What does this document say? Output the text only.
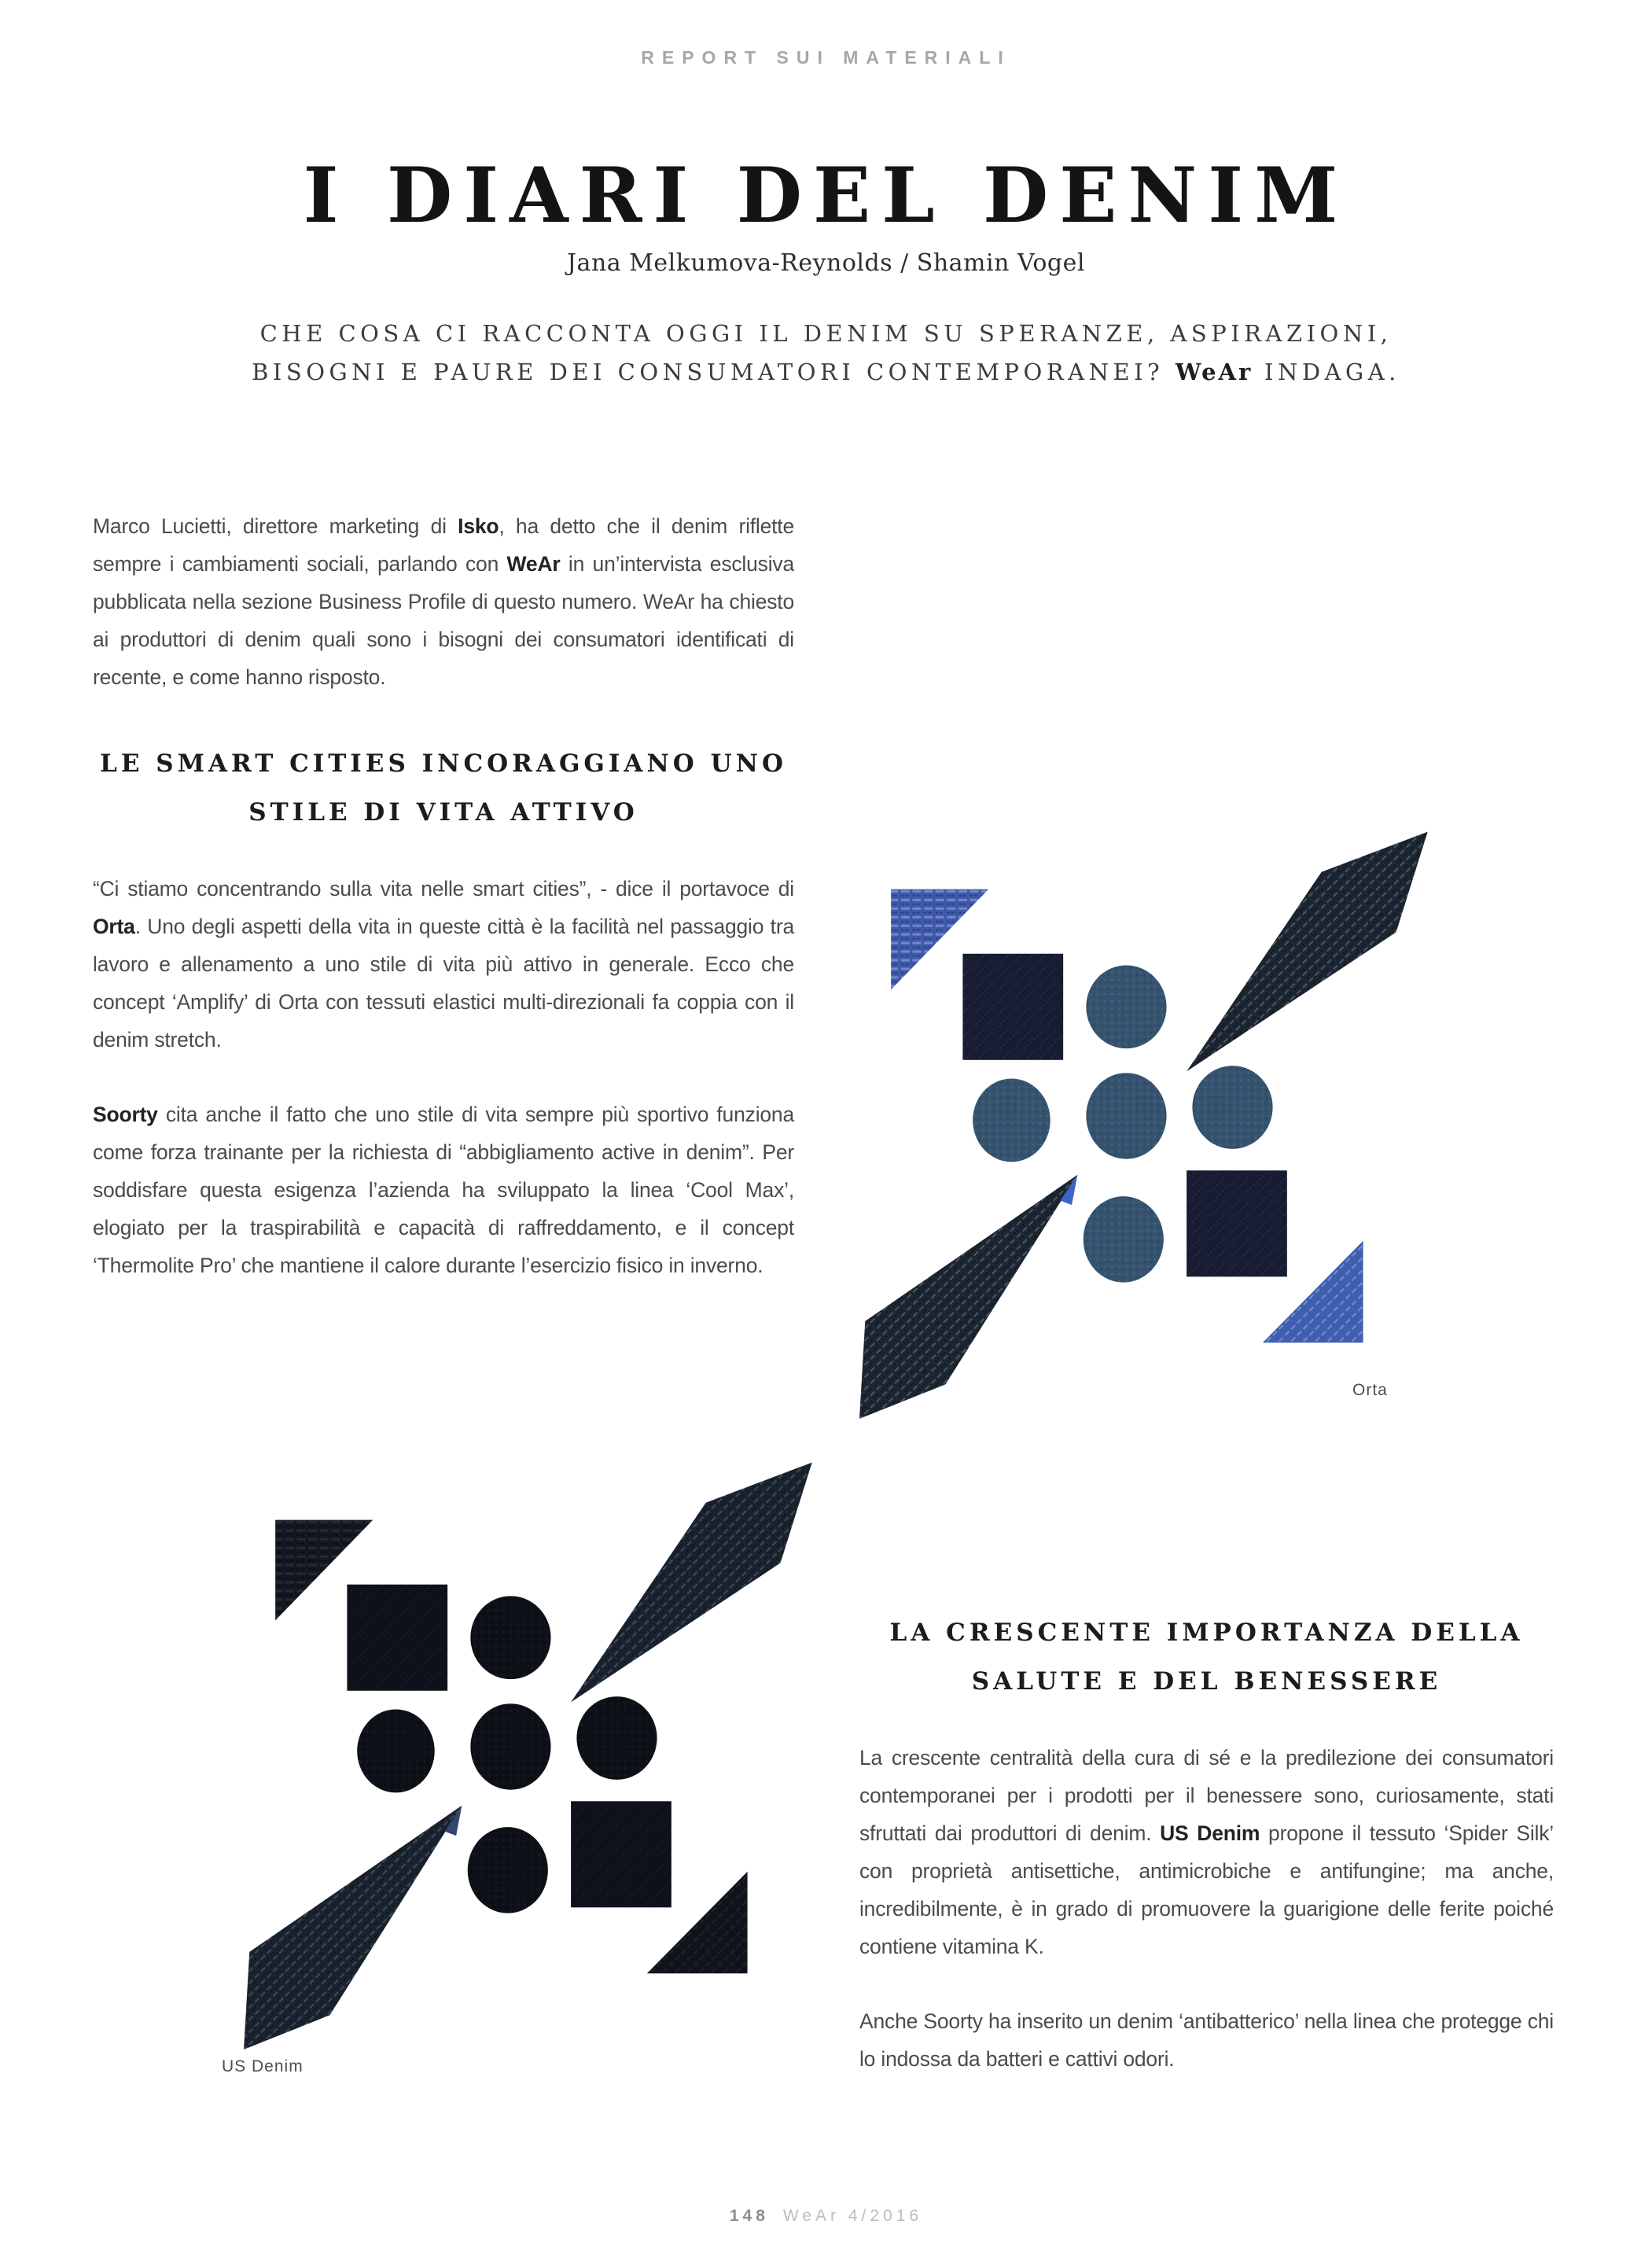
REPORT SUI MATERIALI
I DIARI DEL DENIM
Jana Melkumova-Reynolds / Shamin Vogel
CHE COSA CI RACCONTA OGGI IL DENIM SU SPERANZE, ASPIRAZIONI,
BISOGNI E PAURE DEI CONSUMATORI CONTEMPORANEI? WeAr INDAGA.

Marco Lucietti, direttore marketing di Isko, ha detto che il denim riflette sempre i cambiamenti sociali, parlando con WeAr in un’intervista esclusiva pubblicata nella sezione Business Profile di questo numero. WeAr ha chiesto ai produttori di denim quali sono i bisogni dei consumatori identificati di recente, e come hanno risposto.

LE SMART CITIES INCORAGGIANO UNO
STILE DI VITA ATTIVO

“Ci stiamo concentrando sulla vita nelle smart cities”, - dice il portavoce di Orta. Uno degli aspetti della vita in queste città è la facilità nel passaggio tra lavoro e allenamento a uno stile di vita più attivo in generale. Ecco che concept ‘Amplify’ di Orta con tessuti elastici multi-direzionali fa coppia con il denim stretch.

Soorty cita anche il fatto che uno stile di vita sempre più sportivo funziona come forza trainante per la richiesta di “abbigliamento active in denim”. Per soddisfare questa esigenza l’azienda ha sviluppato la linea ‘Cool Max’, elogiato per la traspirabilità e capacità di raffreddamento, e il concept ‘Thermolite Pro’ che mantiene il calore durante l’esercizio fisico in inverno.

LA CRESCENTE IMPORTANZA DELLA
SALUTE E DEL BENESSERE

La crescente centralità della cura di sé e la predilezione dei consumatori contemporanei per i prodotti per il benessere sono, curiosamente, stati sfruttati dai produttori di denim. US Denim propone il tessuto ‘Spider Silk’ con proprietà antisettiche, antimicrobiche e antifungine; ma anche, incredibilmente, è in grado di promuovere la guarigione delle ferite poiché contiene vitamina K.

Anche Soorty ha inserito un denim ‘antibatterico’ nella linea che protegge chi lo indossa da batteri e cattivi odori.

Orta
US Denim
148 WeAr 4/2016
